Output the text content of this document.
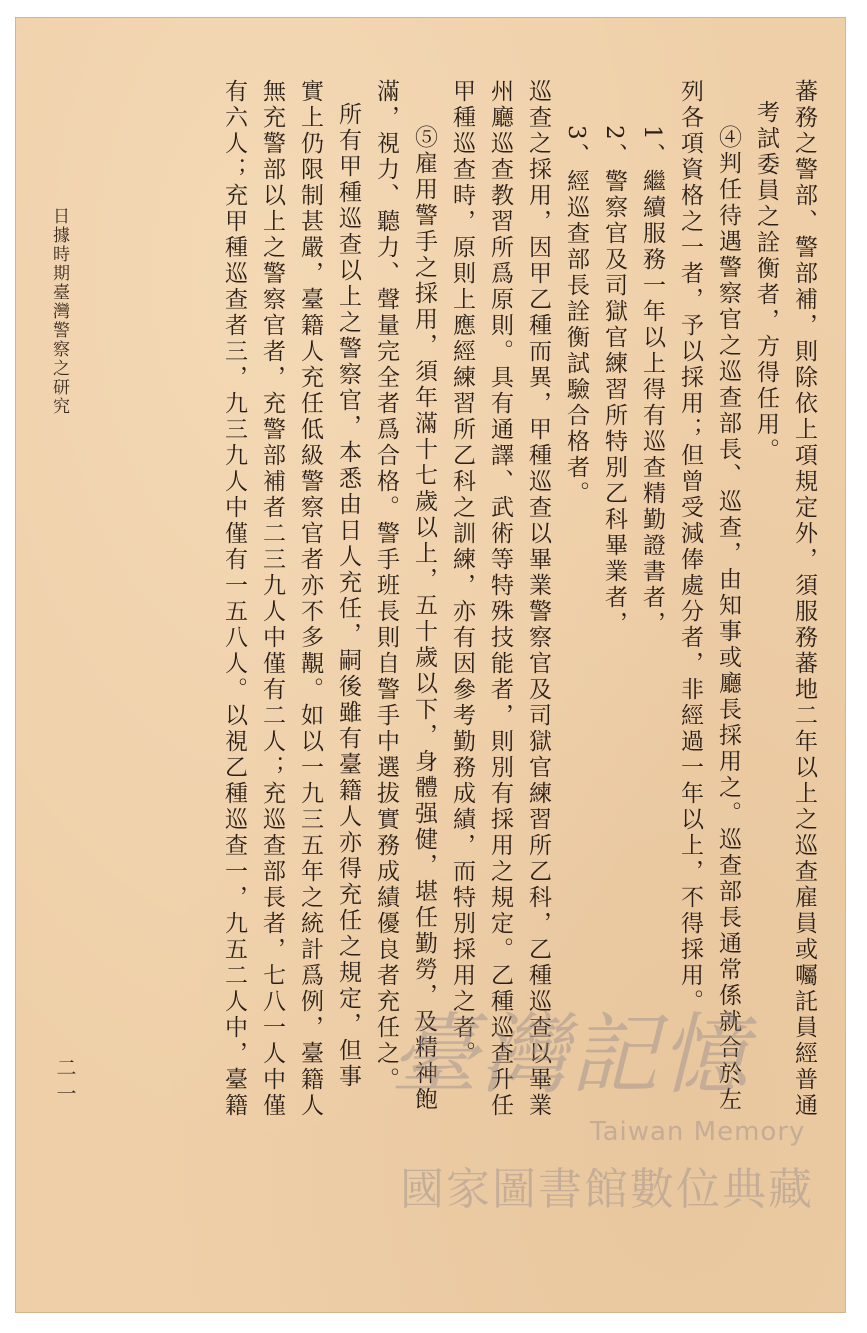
蕃務之警部、警部補，則除依上項規定外，須服務蕃地二年以上之巡查雇員或囑託員經普通

考試委員之詮衡者，方得任用。

④判任待遇警察官之巡查部長、巡查，由知事或廳長採用之。巡查部長通常係就合於左

列各項資格之一者，予以採用；但曾受減俸處分者，非經過一年以上，不得採用。

1、繼續服務一年以上得有巡查精勤證書者，

2、警察官及司獄官練習所特別乙科畢業者，

3、經巡查部長詮衡試驗合格者。

巡查之採用，因甲乙種而異，甲種巡查以畢業警察官及司獄官練習所乙科，乙種巡查以畢業

州廳巡查教習所爲原則。具有通譯、武術等特殊技能者，則別有採用之規定。乙種巡查升任

甲種巡查時，原則上應經練習所乙科之訓練，亦有因參考勤務成績，而特別採用之者。

⑤雇用警手之採用，須年滿十七歲以上，五十歲以下，身體强健，堪任勤勞，及精神飽

滿，視力、聽力、聲量完全者爲合格。警手班長則自警手中選拔實務成績優良者充任之。

所有甲種巡查以上之警察官，本悉由日人充任，嗣後雖有臺籍人亦得充任之規定，但事

實上仍限制甚嚴，臺籍人充任低級警察官者亦不多覯。如以一九三五年之統計爲例，臺籍人

無充警部以上之警察官者，充警部補者二三九人中僅有二人；充巡查部長者，七八一人中僅

有六人；充甲種巡查者三，九三九人中僅有一五八人。以視乙種巡查一，九五二人中，臺籍

日據時期臺灣警察之研究
二一	臺灣記憶
Taiwan Memory
國家圖書館數位典藏
